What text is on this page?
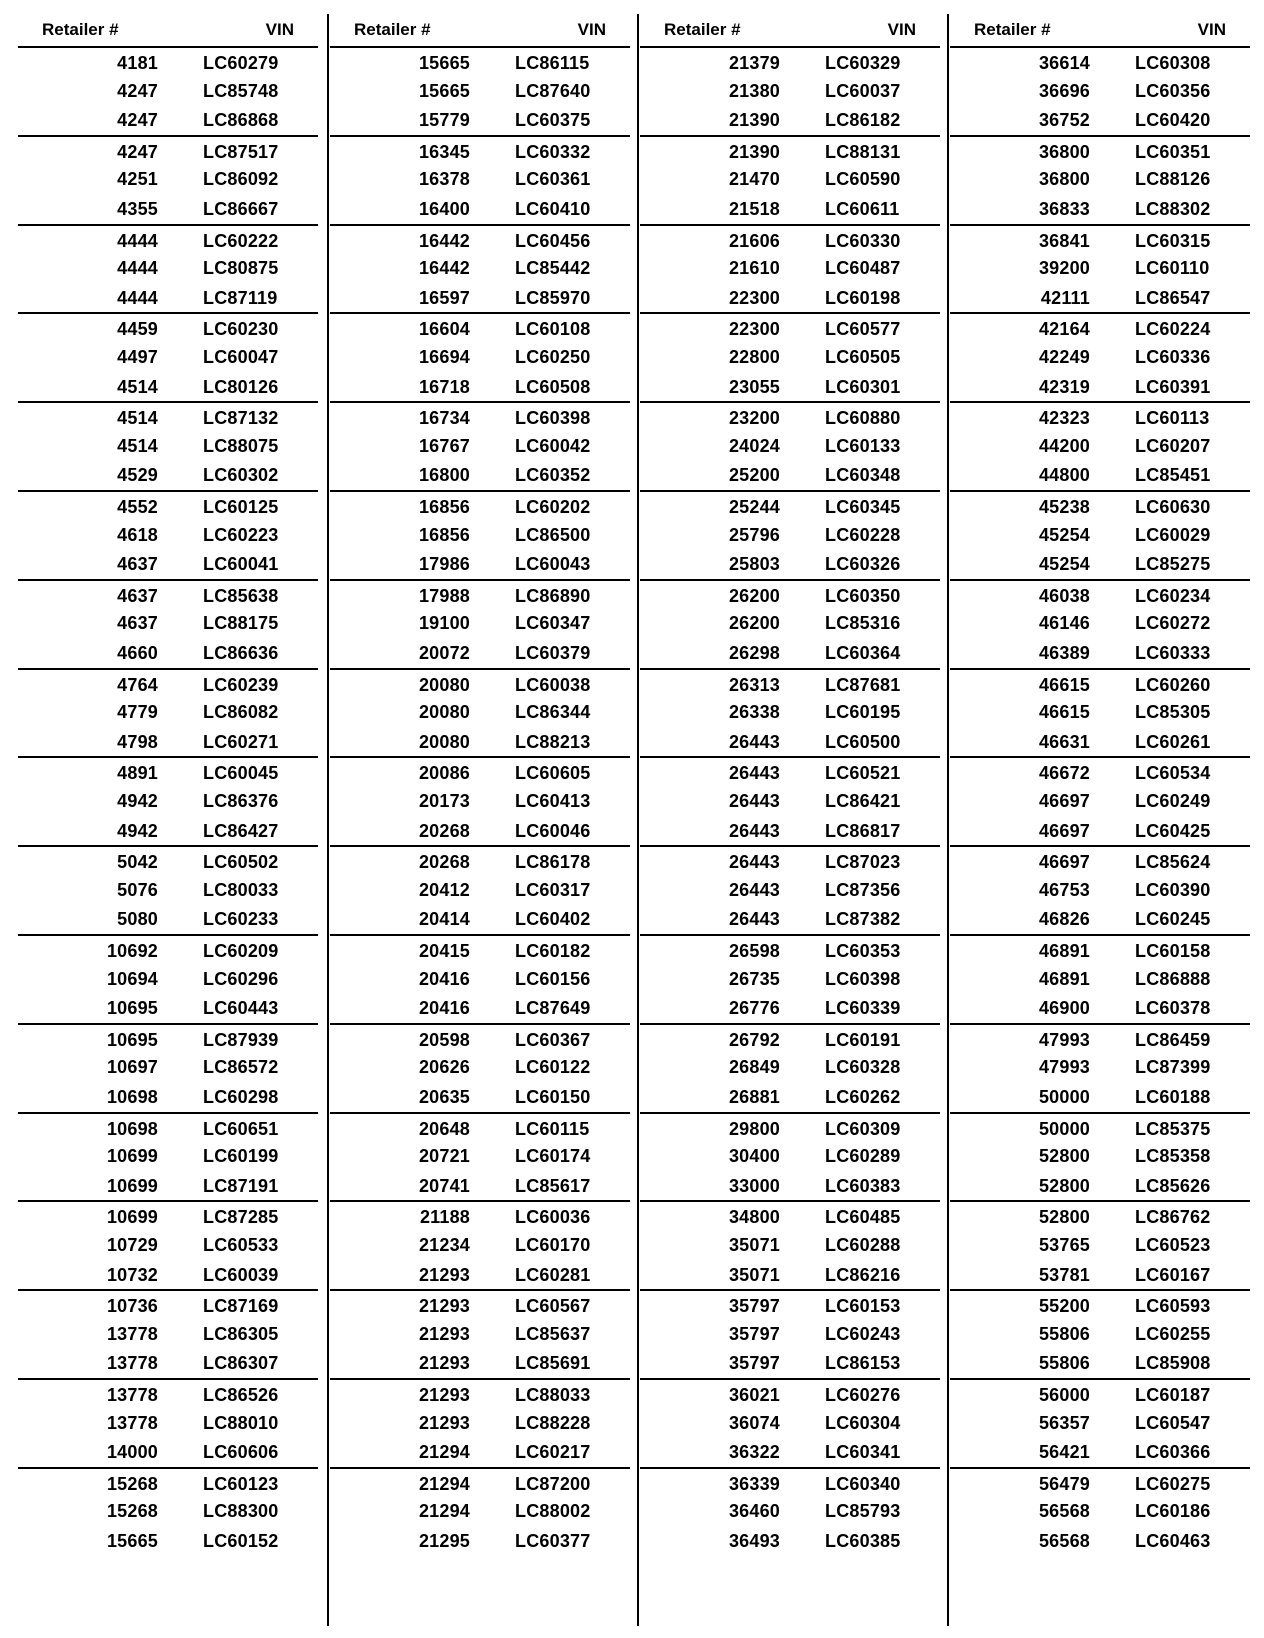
Retailer #	VIN
4181	LC60279
4247	LC85748
4247	LC86868
4247	LC87517
4251	LC86092
4355	LC86667
4444	LC60222
4444	LC80875
4444	LC87119
4459	LC60230
4497	LC60047
4514	LC80126
4514	LC87132
4514	LC88075
4529	LC60302
4552	LC60125
4618	LC60223
4637	LC60041
4637	LC85638
4637	LC88175
4660	LC86636
4764	LC60239
4779	LC86082
4798	LC60271
4891	LC60045
4942	LC86376
4942	LC86427
5042	LC60502
5076	LC80033
5080	LC60233
10692	LC60209
10694	LC60296
10695	LC60443
10695	LC87939
10697	LC86572
10698	LC60298
10698	LC60651
10699	LC60199
10699	LC87191
10699	LC87285
10729	LC60533
10732	LC60039
10736	LC87169
13778	LC86305
13778	LC86307
13778	LC86526
13778	LC88010
14000	LC60606
15268	LC60123
15268	LC88300
15665	LC60152
Retailer #	VIN
15665	LC86115
15665	LC87640
15779	LC60375
16345	LC60332
16378	LC60361
16400	LC60410
16442	LC60456
16442	LC85442
16597	LC85970
16604	LC60108
16694	LC60250
16718	LC60508
16734	LC60398
16767	LC60042
16800	LC60352
16856	LC60202
16856	LC86500
17986	LC60043
17988	LC86890
19100	LC60347
20072	LC60379
20080	LC60038
20080	LC86344
20080	LC88213
20086	LC60605
20173	LC60413
20268	LC60046
20268	LC86178
20412	LC60317
20414	LC60402
20415	LC60182
20416	LC60156
20416	LC87649
20598	LC60367
20626	LC60122
20635	LC60150
20648	LC60115
20721	LC60174
20741	LC85617
21188	LC60036
21234	LC60170
21293	LC60281
21293	LC60567
21293	LC85637
21293	LC85691
21293	LC88033
21293	LC88228
21294	LC60217
21294	LC87200
21294	LC88002
21295	LC60377
Retailer #	VIN
21379	LC60329
21380	LC60037
21390	LC86182
21390	LC88131
21470	LC60590
21518	LC60611
21606	LC60330
21610	LC60487
22300	LC60198
22300	LC60577
22800	LC60505
23055	LC60301
23200	LC60880
24024	LC60133
25200	LC60348
25244	LC60345
25796	LC60228
25803	LC60326
26200	LC60350
26200	LC85316
26298	LC60364
26313	LC87681
26338	LC60195
26443	LC60500
26443	LC60521
26443	LC86421
26443	LC86817
26443	LC87023
26443	LC87356
26443	LC87382
26598	LC60353
26735	LC60398
26776	LC60339
26792	LC60191
26849	LC60328
26881	LC60262
29800	LC60309
30400	LC60289
33000	LC60383
34800	LC60485
35071	LC60288
35071	LC86216
35797	LC60153
35797	LC60243
35797	LC86153
36021	LC60276
36074	LC60304
36322	LC60341
36339	LC60340
36460	LC85793
36493	LC60385
Retailer #	VIN
36614	LC60308
36696	LC60356
36752	LC60420
36800	LC60351
36800	LC88126
36833	LC88302
36841	LC60315
39200	LC60110
42111	LC86547
42164	LC60224
42249	LC60336
42319	LC60391
42323	LC60113
44200	LC60207
44800	LC85451
45238	LC60630
45254	LC60029
45254	LC85275
46038	LC60234
46146	LC60272
46389	LC60333
46615	LC60260
46615	LC85305
46631	LC60261
46672	LC60534
46697	LC60249
46697	LC60425
46697	LC85624
46753	LC60390
46826	LC60245
46891	LC60158
46891	LC86888
46900	LC60378
47993	LC86459
47993	LC87399
50000	LC60188
50000	LC85375
52800	LC85358
52800	LC85626
52800	LC86762
53765	LC60523
53781	LC60167
55200	LC60593
55806	LC60255
55806	LC85908
56000	LC60187
56357	LC60547
56421	LC60366
56479	LC60275
56568	LC60186
56568	LC60463
